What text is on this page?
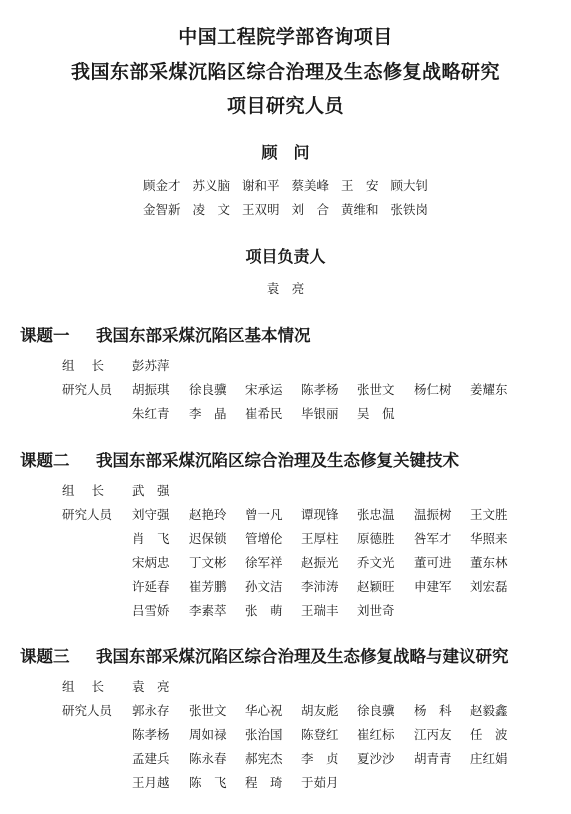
中国工程院学部咨询项目
我国东部采煤沉陷区综合治理及生态修复战略研究
项目研究人员
顾　问
顾金才 苏义脑 谢和平 蔡美峰 王　安 顾大钊
金智新 凌　文 王双明 刘　合 黄维和 张铁岗
项目负责人
袁　亮
课题一 我国东部采煤沉陷区基本情况
组长 彭苏萍
研究人员	胡振琪 徐良骥 宋承运 陈孝杨 张世文 杨仁树 姜耀东
朱红青 李　晶 崔希民 毕银丽 吴　侃
课题二 我国东部采煤沉陷区综合治理及生态修复关键技术
组长 武　强
研究人员	刘守强 赵艳玲 曾一凡 谭现锋 张忠温 温振树 王文胜
肖　飞 迟保锁 管增伦 王厚柱 原德胜 咎军才 华照来
宋炳忠 丁文彬 徐军祥 赵振光 乔文光 董可进 董东林
许延春 崔芳鹏 孙文洁 李沛涛 赵颖旺 申建军 刘宏磊
吕雪娇 李素萃 张　萌 王瑞丰 刘世奇
课题三 我国东部采煤沉陷区综合治理及生态修复战略与建议研究
组长 袁　亮
研究人员	郭永存 张世文 华心祝 胡友彪 徐良骥 杨　科 赵毅鑫
陈孝杨 周如禄 张治国 陈登红 崔红标 江丙友 任　波
孟建兵 陈永春 郝宪杰 李　贞 夏沙沙 胡青青 庄红娟
王月越 陈　飞 程　琦 于茹月
